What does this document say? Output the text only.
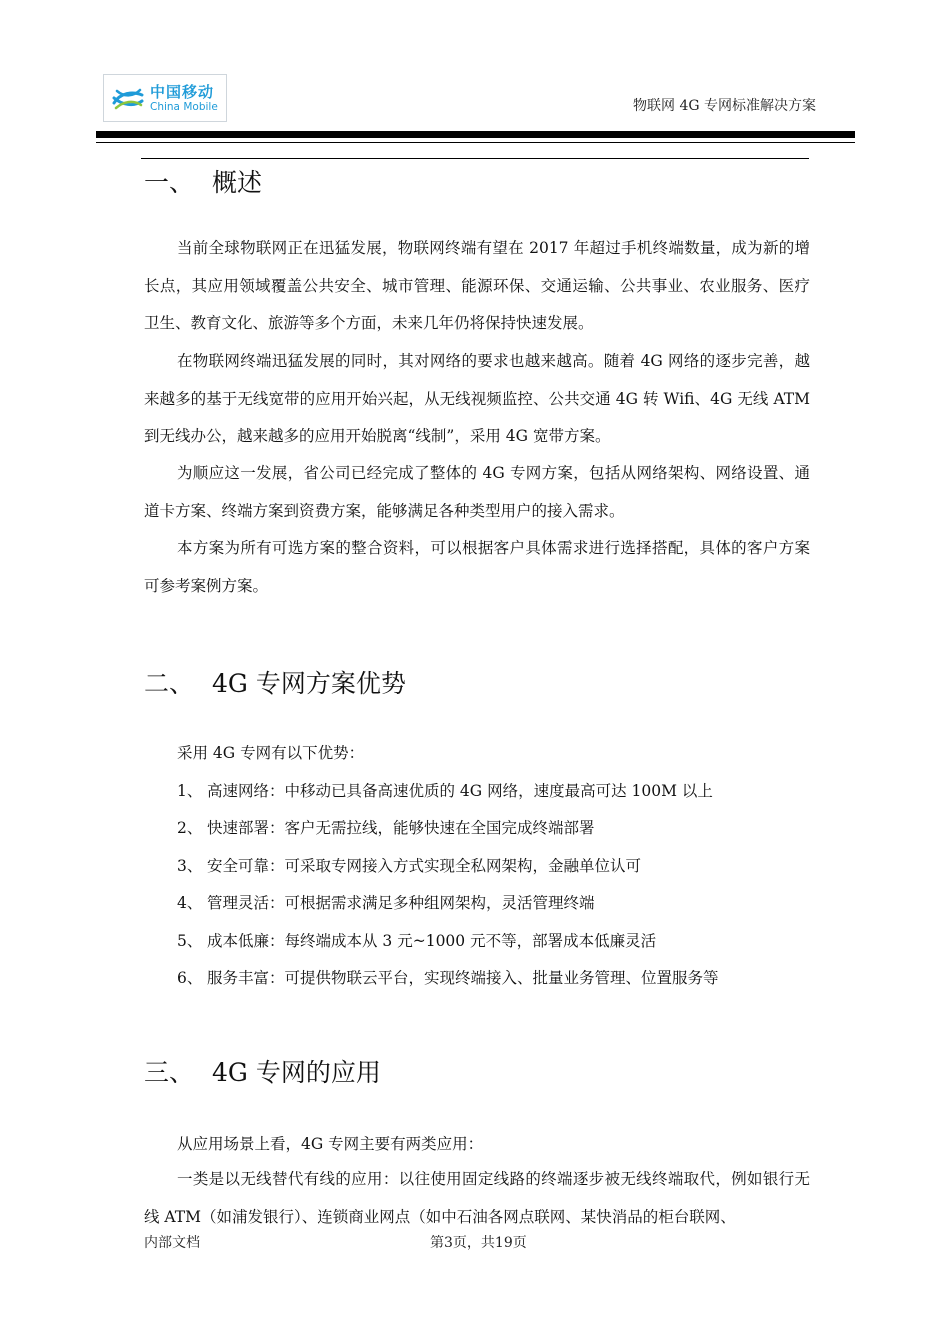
中国移动
China Mobile	物联网 4G 专网标准解决方案
一、 概述
当前全球物联网正在迅猛发展，物联网终端有望在 2017 年超过手机终端数量，成为新的增长点，其应用领域覆盖公共安全、城市管理、能源环保、交通运输、公共事业、农业服务、医疗卫生、教育文化、旅游等多个方面，未来几年仍将保持快速发展。
在物联网终端迅猛发展的同时，其对网络的要求也越来越高。随着 4G 网络的逐步完善，越来越多的基于无线宽带的应用开始兴起，从无线视频监控、公共交通 4G 转 Wifi、4G 无线 ATM 到无线办公，越来越多的应用开始脱离“线制”，采用 4G 宽带方案。
为顺应这一发展，省公司已经完成了整体的 4G 专网方案，包括从网络架构、网络设置、通道卡方案、终端方案到资费方案，能够满足各种类型用户的接入需求。
本方案为所有可选方案的整合资料，可以根据客户具体需求进行选择搭配，具体的客户方案可参考案例方案。
二、 4G 专网方案优势
采用 4G 专网有以下优势：
1、 高速网络：中移动已具备高速优质的 4G 网络，速度最高可达 100M 以上
2、 快速部署：客户无需拉线，能够快速在全国完成终端部署
3、 安全可靠：可采取专网接入方式实现全私网架构，金融单位认可
4、 管理灵活：可根据需求满足多种组网架构，灵活管理终端
5、 成本低廉：每终端成本从 3 元~1000 元不等，部署成本低廉灵活
6、 服务丰富：可提供物联云平台，实现终端接入、批量业务管理、位置服务等
三、 4G 专网的应用
从应用场景上看，4G 专网主要有两类应用：
一类是以无线替代有线的应用：以往使用固定线路的终端逐步被无线终端取代，例如银行无线 ATM（如浦发银行）、连锁商业网点（如中石油各网点联网、某快消品的柜台联网、
内部文档	第3页，共19页
